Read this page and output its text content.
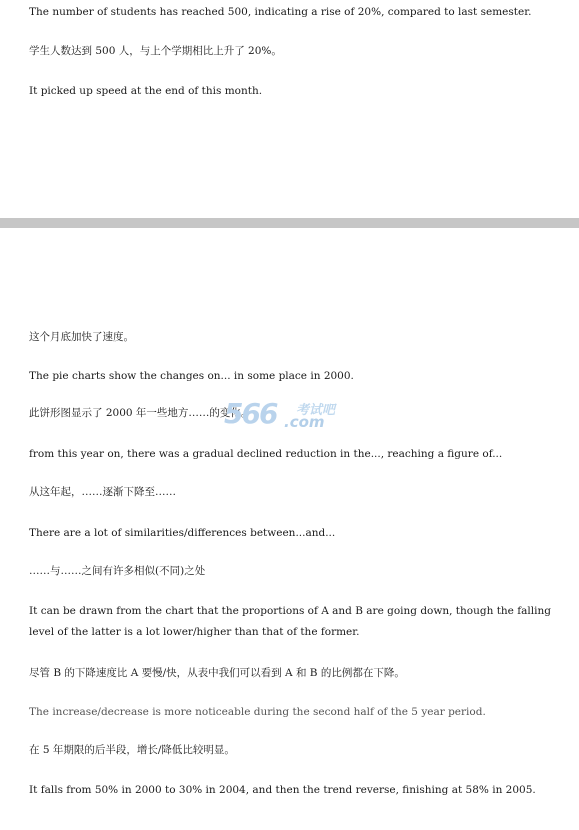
The number of students has reached 500, indicating a rise of 20%, compared to last semester.
学生人数达到 500 人，与上个学期相比上升了 20%。
It picked up speed at the end of this month.
这个月底加快了速度。
The pie charts show the changes on... in some place in 2000.
此饼形图显示了 2000 年一些地方……的变化。
from this year on, there was a gradual declined reduction in the..., reaching a figure of...
从这年起，……逐渐下降至……
There are a lot of similarities/differences between...and...
……与……之间有许多相似(不同)之处
It can be drawn from the chart that the proportions of A and B are going down, though the falling level of the latter is a lot lower/higher than that of the former.
尽管 B 的下降速度比 A 要慢/快，从表中我们可以看到 A 和 B 的比例都在下降。
The increase/decrease is more noticeable during the second half of the 5 year period.
在 5 年期限的后半段，增长/降低比较明显。
It falls from 50% in 2000 to 30% in 2004, and then the trend reverse, finishing at 58% in 2005.
566 考试吧
.com
